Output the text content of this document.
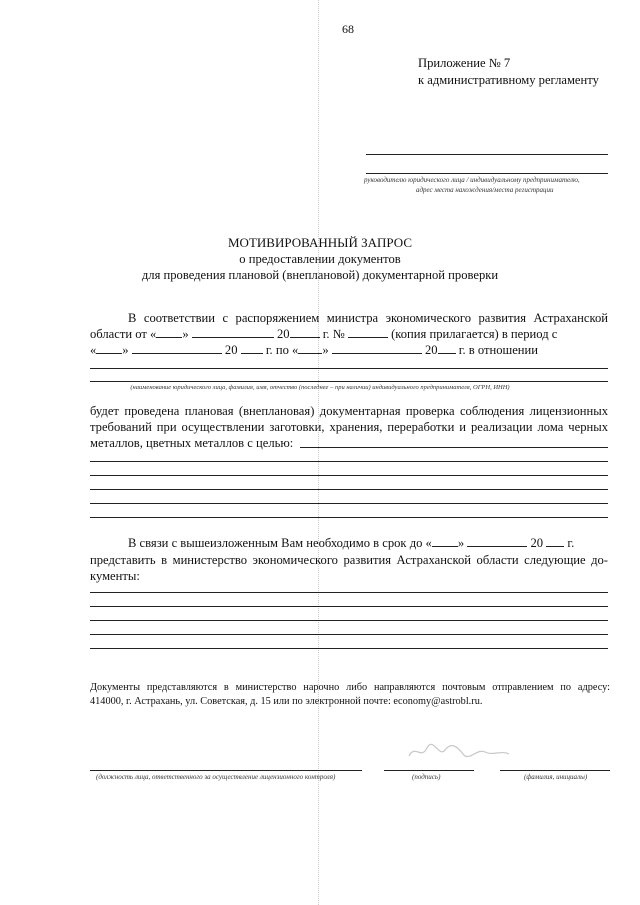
68
Приложение № 7
к административному регламенту
руководителю юридического лица / индивидуальному предпринимателю,
адрес места нахождения/места регистрации
МОТИВИРОВАННЫЙ ЗАПРОС
о предоставлении документов
для проведения плановой (внеплановой) документарной проверки
В соответствии с распоряжением министра экономического развития Астраханской
области от « »	20	г. №	(копия прилагается) в период с
« »	20 г. по « »	20 г. в отношении
(наименование юридического лица, фамилия, имя, отчество (последнее – при наличии) индивидуального предпринимателя, ОГРН, ИНН)
будет проведена плановая (внеплановая) документарная проверка соблюдения лицензионных
требований при осуществлении заготовки, хранения, переработки и реализации лома черных
металлов, цветных металлов с целью:
В связи с вышеизложенным Вам необходимо в срок до « »	20 г.
представить в министерство экономического развития Астраханской области следующие до-
кументы:
Документы представляются в министерство нарочно либо направляются почтовым отправлением по адресу:
414000, г. Астрахань, ул. Советская, д. 15 или по электронной почте: economy@astrobl.ru.
(должность лица, ответственного за осуществление лицензионного контроля)	(подпись)	(фамилия, инициалы)
